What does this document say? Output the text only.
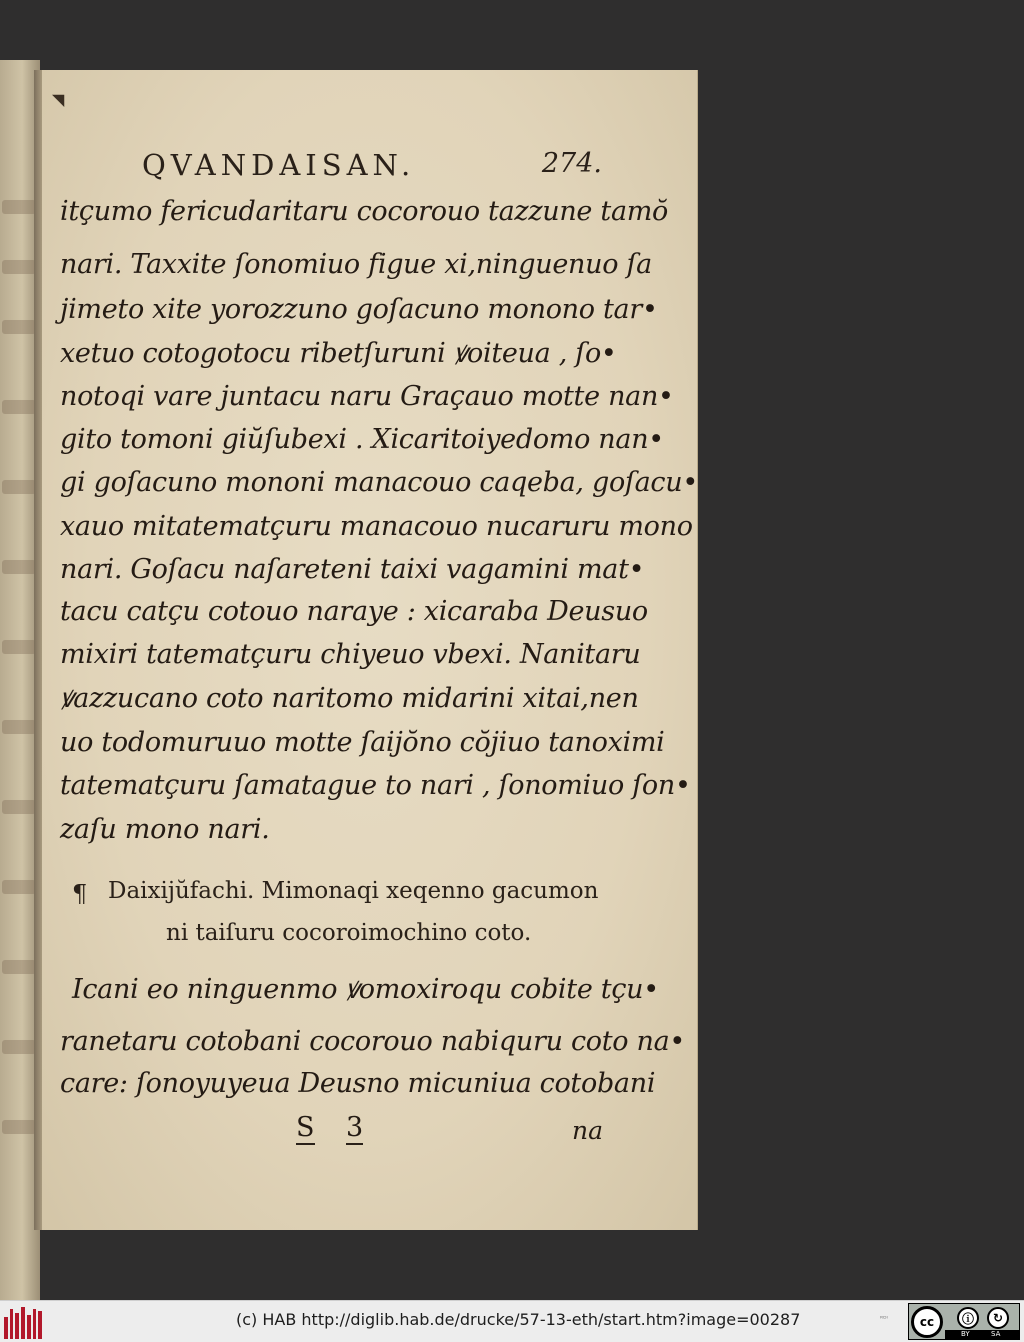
◥
QVANDAISAN.	274.
itçumo fericudaritaru cocorouo tazzune tamŏ
nari. Taxxite ſonomiuo figue xi,ninguenuo ſa
jimeto xite yorozzuno goſacuno monono tar•
xetuo cotogotocu ribetſuruni ꝟoiteua , ſo•
notoqi vare juntacu naru Graçauo motte nan•
gito tomoni giŭſubexi . Xicaritoiyedomo nan•
gi goſacuno mononi manacouo caqeba, goſacu•
xauo mitatematçuru manacouo nucaruru mono
nari. Goſacu naſareteni taixi vagamini mat•
tacu catçu cotouo naraye : xicaraba Deusuo
mixiri tatematçuru chiyeuo vbexi. Nanitaru
ꝟazzucano coto naritomo midarini xitai,nen
uo todomuruuo motte ſaijŏno cŏjiuo tanoximi
tatematçuru ſamatague to nari , ſonomiuo ſon•
zaſu mono nari.
¶ Daixijŭfachi. Mimonaqi xeqenno gacumon
ni taiſuru cocoroimochino coto.
Icani eo ninguenmo ꝟomoxiroqu cobite tçu•
ranetaru cotobani cocorouo nabiquru coto na•
care: ſonoyuyeua Deusno micuniua cotobani
S 3	na
(c) HAB http://diglib.hab.de/drucke/57-13-eth/start.htm?image=00287	ᴿᴰᴵ	cc	ⓘ	↻
BY	SA
